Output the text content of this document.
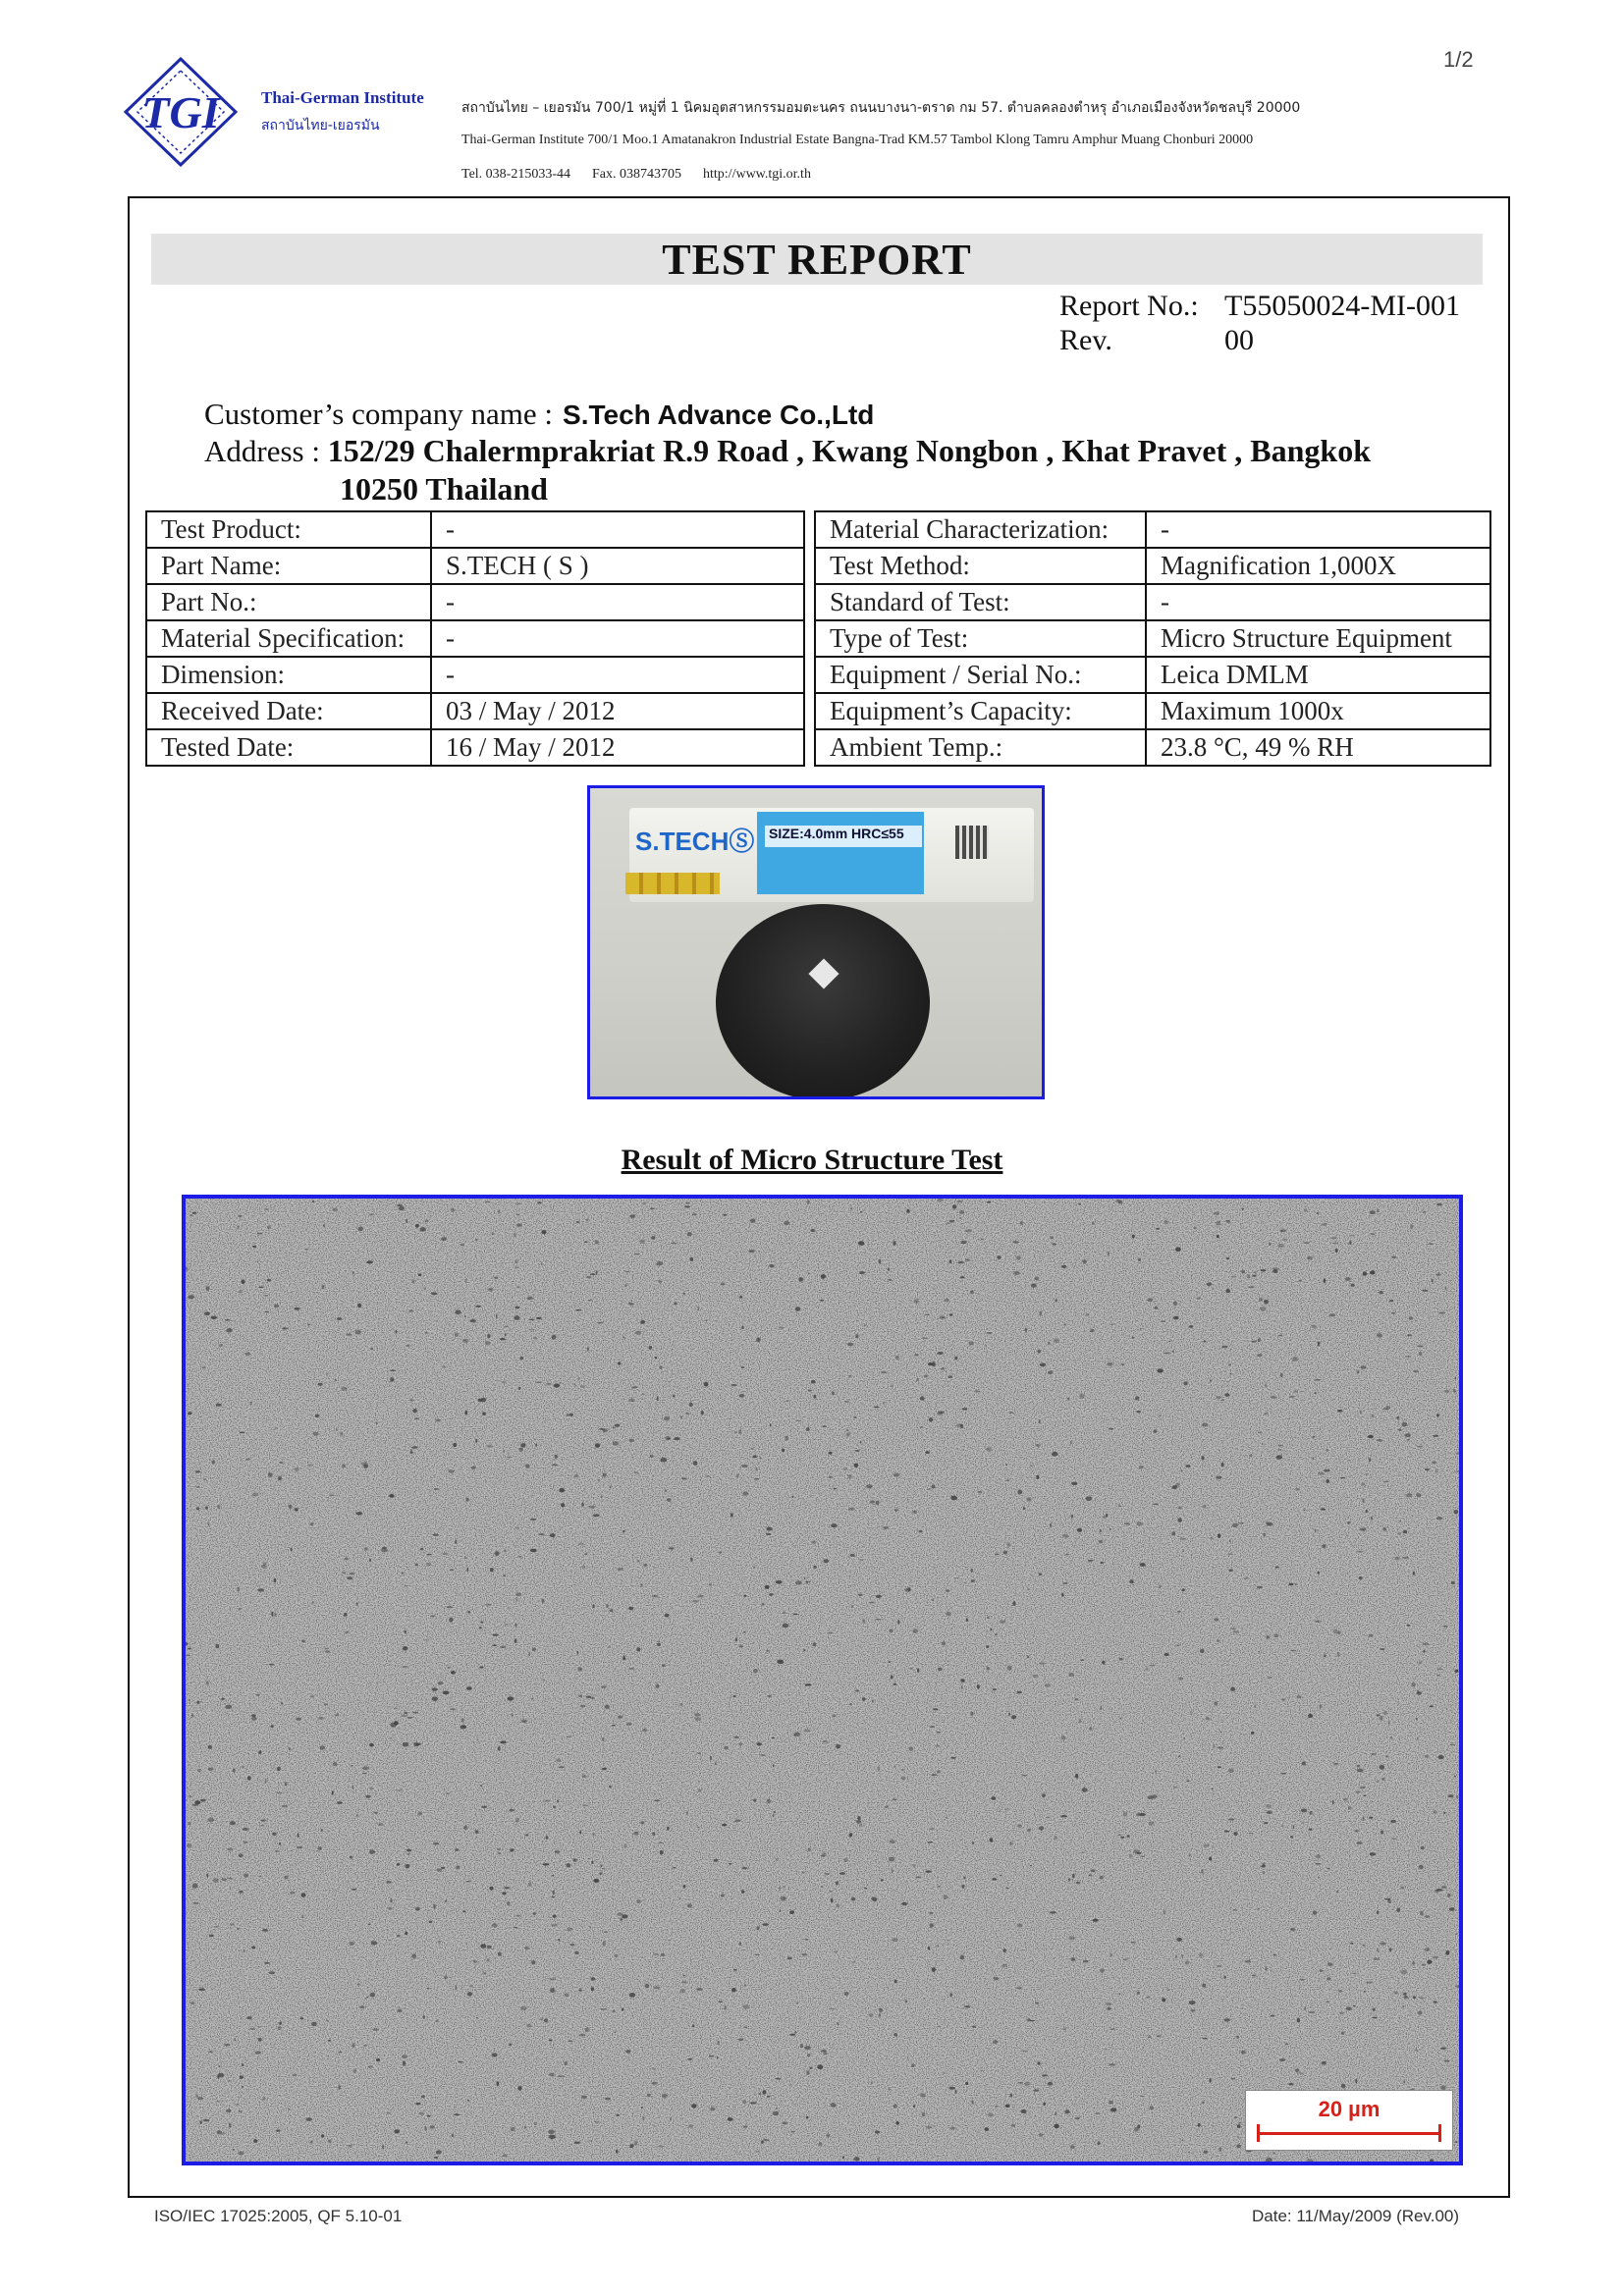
1/2
TGI Thai-German Institute
สถาบันไทย-เยอรมัน
สถาบันไทย – เยอรมัน 700/1 หมู่ที่ 1 นิคมอุตสาหกรรมอมตะนคร ถนนบางนา-ตราด กม 57. ตำบลคลองตำหรุ อำเภอเมืองจังหวัดชลบุรี 20000
Thai-German Institute 700/1 Moo.1 Amatanakron Industrial Estate Bangna-Trad KM.57 Tambol Klong Tamru Amphur Muang Chonburi 20000
Tel. 038-215033-44 Fax. 038743705 http://www.tgi.or.th
TEST REPORT
Report No.: T55050024-MI-001
Rev.	00
Customer’s company name : S.Tech Advance Co.,Ltd
Address : 152/29 Chalermprakriat R.9 Road , Kwang Nongbon , Khat Pravet , Bangkok
10250 Thailand
Test Product:	-
Part Name:	S.TECH ( S )
Part No.:	-
Material Specification:	-
Dimension:	-
Received Date:	03 / May / 2012
Tested Date:	16 / May / 2012
Material Characterization:	-
Test Method:	Magnification 1,000X
Standard of Test:	-
Type of Test:	Micro Structure Equipment
Equipment / Serial No.:	Leica DMLM
Equipment’s Capacity:	Maximum 1000x
Ambient Temp.:	23.8 °C, 49 % RH
S.TECHⓈ SIZE:4.0mm HRC≤55
Result of Micro Structure Test
20 µm
ISO/IEC 17025:2005, QF 5.10-01	Date: 11/May/2009 (Rev.00)
